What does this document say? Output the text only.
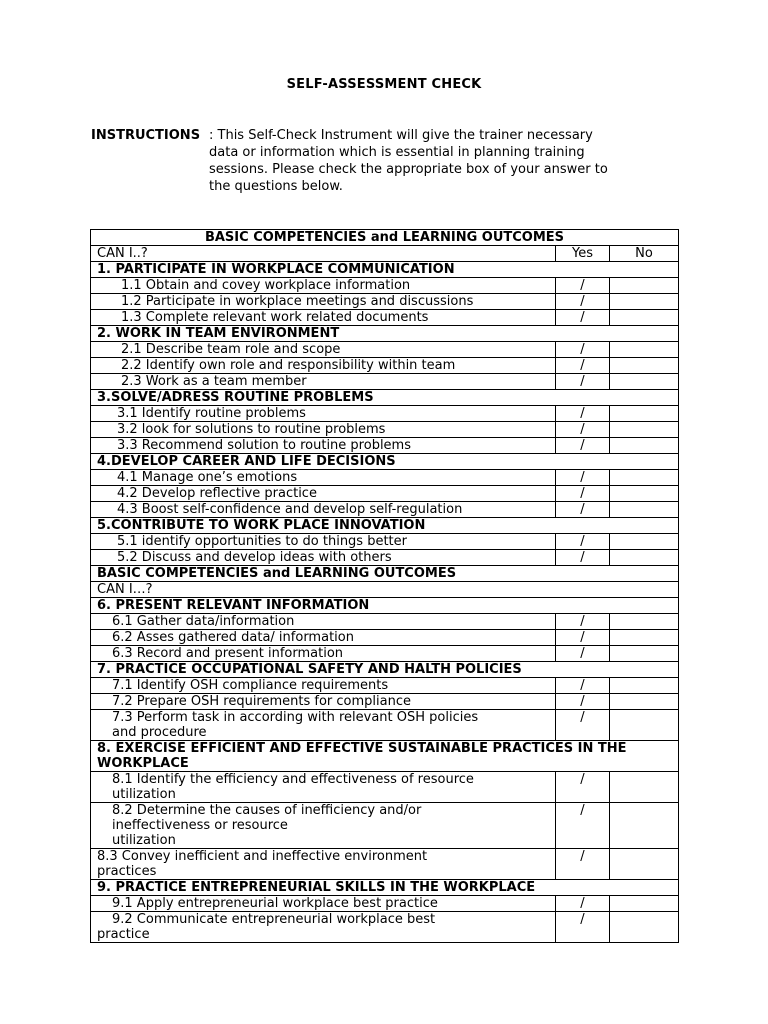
SELF-ASSESSMENT CHECK
INSTRUCTIONS : This Self-Check Instrument will give the trainer necessary
data or information which is essential in planning training
sessions. Please check the appropriate box of your answer to
the questions below.
BASIC COMPETENCIES and LEARNING OUTCOMES		
CAN I..?	Yes	No
1. PARTICIPATE IN WORKPLACE COMMUNICATION		
1.1 Obtain and covey workplace information	/	
1.2 Participate in workplace meetings and discussions	/	
1.3 Complete relevant work related documents	/	
2. WORK IN TEAM ENVIRONMENT		
2.1 Describe team role and scope	/	
2.2 Identify own role and responsibility within team	/	
2.3 Work as a team member	/	
3.SOLVE/ADRESS ROUTINE PROBLEMS		
3.1 Identify routine problems	/	
3.2 look for solutions to routine problems	/	
3.3 Recommend solution to routine problems	/	
4.DEVELOP CAREER AND LIFE DECISIONS		
4.1 Manage one’s emotions	/	
4.2 Develop reflective practice	/	
4.3 Boost self-confidence and develop self-regulation	/	
5.CONTRIBUTE TO WORK PLACE INNOVATION		
5.1 identify opportunities to do things better	/	
5.2 Discuss and develop ideas with others	/	
BASIC COMPETENCIES and LEARNING OUTCOMES		
CAN I…?		
6. PRESENT RELEVANT INFORMATION		
6.1 Gather data/information	/	
6.2 Asses gathered data/ information	/	
6.3 Record and present information	/	
7. PRACTICE OCCUPATIONAL SAFETY AND HALTH POLICIES		
7.1 Identify OSH compliance requirements	/	
7.2 Prepare OSH requirements for compliance	/	
7.3 Perform task in according with relevant OSH policies
and procedure	/	
8. EXERCISE EFFICIENT AND EFFECTIVE SUSTAINABLE PRACTICES IN THE WORKPLACE		
8.1 Identify the efficiency and effectiveness of resource
utilization	/	
8.2 Determine the causes of inefficiency and/or
ineffectiveness or resource
utilization	/	
8.3 Convey inefficient and ineffective environment
practices	/	
9. PRACTICE ENTREPRENEURIAL SKILLS IN THE WORKPLACE		
9.1 Apply entrepreneurial workplace best practice	/	
9.2 Communicate entrepreneurial workplace best
practice	/	
